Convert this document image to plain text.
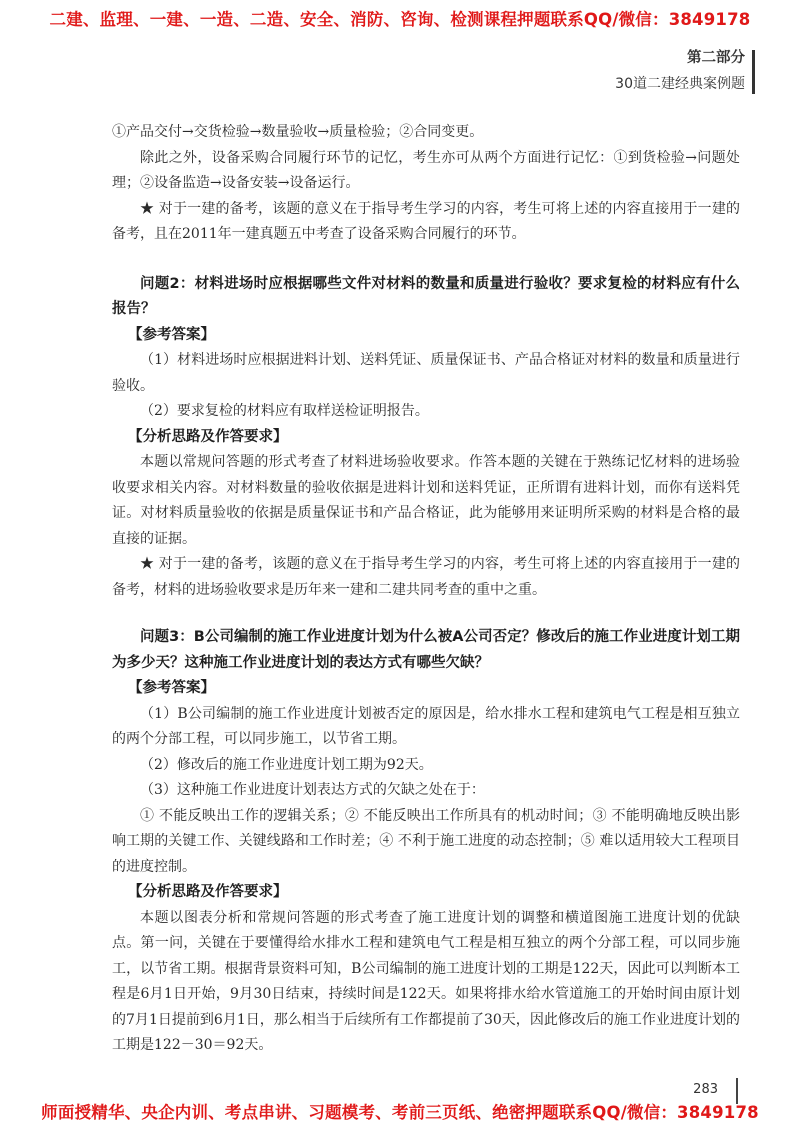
二建、监理、一建、一造、二造、安全、消防、咨询、检测课程押题联系QQ/微信：3849178
第二部分
30道二建经典案例题

①产品交付→交货检验→数量验收→质量检验；②合同变更。

除此之外，设备采购合同履行环节的记忆，考生亦可从两个方面进行记忆：①到货检验→问题处理；②设备监造→设备安装→设备运行。

★ 对于一建的备考，该题的意义在于指导考生学习的内容，考生可将上述的内容直接用于一建的备考，且在2011年一建真题五中考查了设备采购合同履行的环节。

问题2：材料进场时应根据哪些文件对材料的数量和质量进行验收？要求复检的材料应有什么报告？

【参考答案】

（1）材料进场时应根据进料计划、送料凭证、质量保证书、产品合格证对材料的数量和质量进行验收。

（2）要求复检的材料应有取样送检证明报告。

【分析思路及作答要求】

本题以常规问答题的形式考查了材料进场验收要求。作答本题的关键在于熟练记忆材料的进场验收要求相关内容。对材料数量的验收依据是进料计划和送料凭证，正所谓有进料计划，而你有送料凭证。对材料质量验收的依据是质量保证书和产品合格证，此为能够用来证明所采购的材料是合格的最直接的证据。

★ 对于一建的备考，该题的意义在于指导考生学习的内容，考生可将上述的内容直接用于一建的备考，材料的进场验收要求是历年来一建和二建共同考查的重中之重。

问题3：B公司编制的施工作业进度计划为什么被A公司否定？修改后的施工作业进度计划工期为多少天？这种施工作业进度计划的表达方式有哪些欠缺？

【参考答案】

（1）B公司编制的施工作业进度计划被否定的原因是，给水排水工程和建筑电气工程是相互独立的两个分部工程，可以同步施工，以节省工期。

（2）修改后的施工作业进度计划工期为92天。

（3）这种施工作业进度计划表达方式的欠缺之处在于：

① 不能反映出工作的逻辑关系；② 不能反映出工作所具有的机动时间；③ 不能明确地反映出影响工期的关键工作、关键线路和工作时差；④ 不利于施工进度的动态控制；⑤ 难以适用较大工程项目的进度控制。

【分析思路及作答要求】

本题以图表分析和常规问答题的形式考查了施工进度计划的调整和横道图施工进度计划的优缺点。第一问，关键在于要懂得给水排水工程和建筑电气工程是相互独立的两个分部工程，可以同步施工，以节省工期。根据背景资料可知，B公司编制的施工进度计划的工期是122天，因此可以判断本工程是6月1日开始，9月30日结束，持续时间是122天。如果将排水给水管道施工的开始时间由原计划的7月1日提前到6月1日，那么相当于后续所有工作都提前了30天，因此修改后的施工作业进度计划的工期是122－30＝92天。

283
师面授精华、央企内训、考点串讲、习题模考、考前三页纸、绝密押题联系QQ/微信：3849178
